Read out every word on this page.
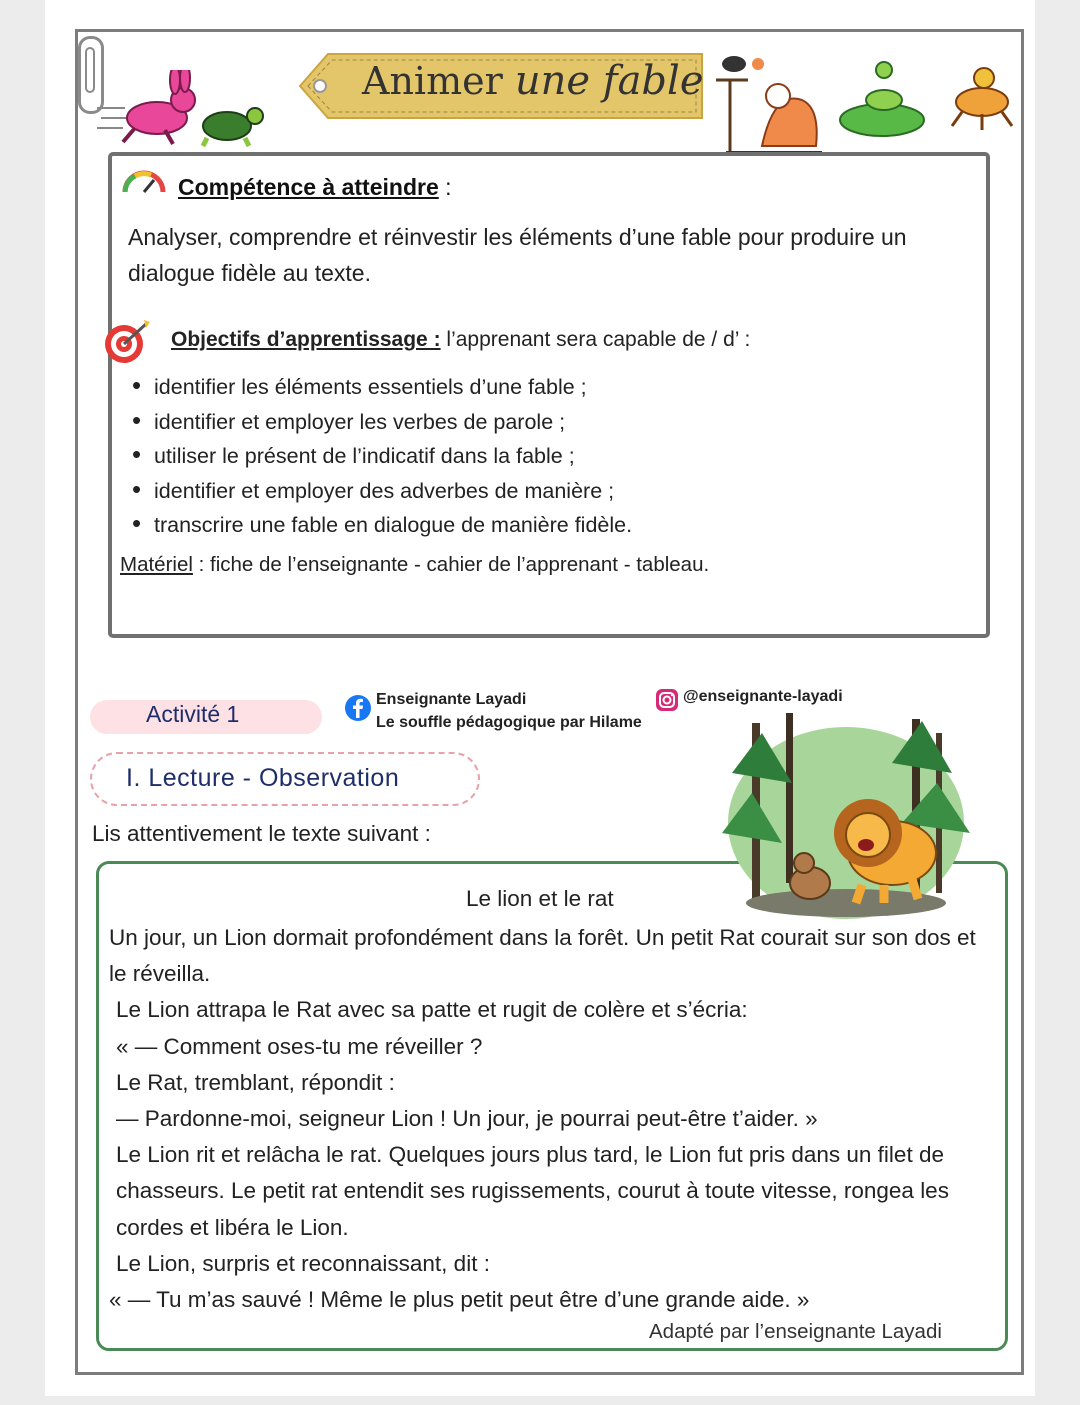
Animer une fable
Compétence à atteindre :
Analyser, comprendre et réinvestir les éléments d’une fable pour produire un dialogue fidèle au texte.
Objectifs d’apprentissage : l’apprenant sera capable de / d’ :
• identifier les éléments essentiels d’une fable ;
• identifier et employer les verbes de parole ;
• utiliser le présent de l’indicatif dans la fable ;
• identifier et employer des adverbes de manière ;
• transcrire une fable en dialogue de manière fidèle.
Matériel : fiche de l’enseignante - cahier de l’apprenant - tableau.
Activité 1
Enseignante Layadi
Le souffle pédagogique par Hilame
@enseignante-layadi
I. Lecture - Observation
Lis attentivement le texte suivant :
Le lion et le rat

Un jour, un Lion dormait profondément dans la forêt. Un petit Rat courait sur son dos et le réveilla.

Le Lion attrapa le Rat avec sa patte et rugit de colère et s’écria:

« — Comment oses-tu me réveiller ?

Le Rat, tremblant, répondit :

— Pardonne-moi, seigneur Lion ! Un jour, je pourrai peut-être t’aider. »

Le Lion rit et relâcha le rat. Quelques jours plus tard, le Lion fut pris dans un filet de chasseurs. Le petit rat entendit ses rugissements, courut à toute vitesse, rongea les cordes et libéra le Lion.

Le Lion, surpris et reconnaissant, dit :

« — Tu m’as sauvé ! Même le plus petit peut être d’une grande aide. »

Adapté par l’enseignante Layadi
